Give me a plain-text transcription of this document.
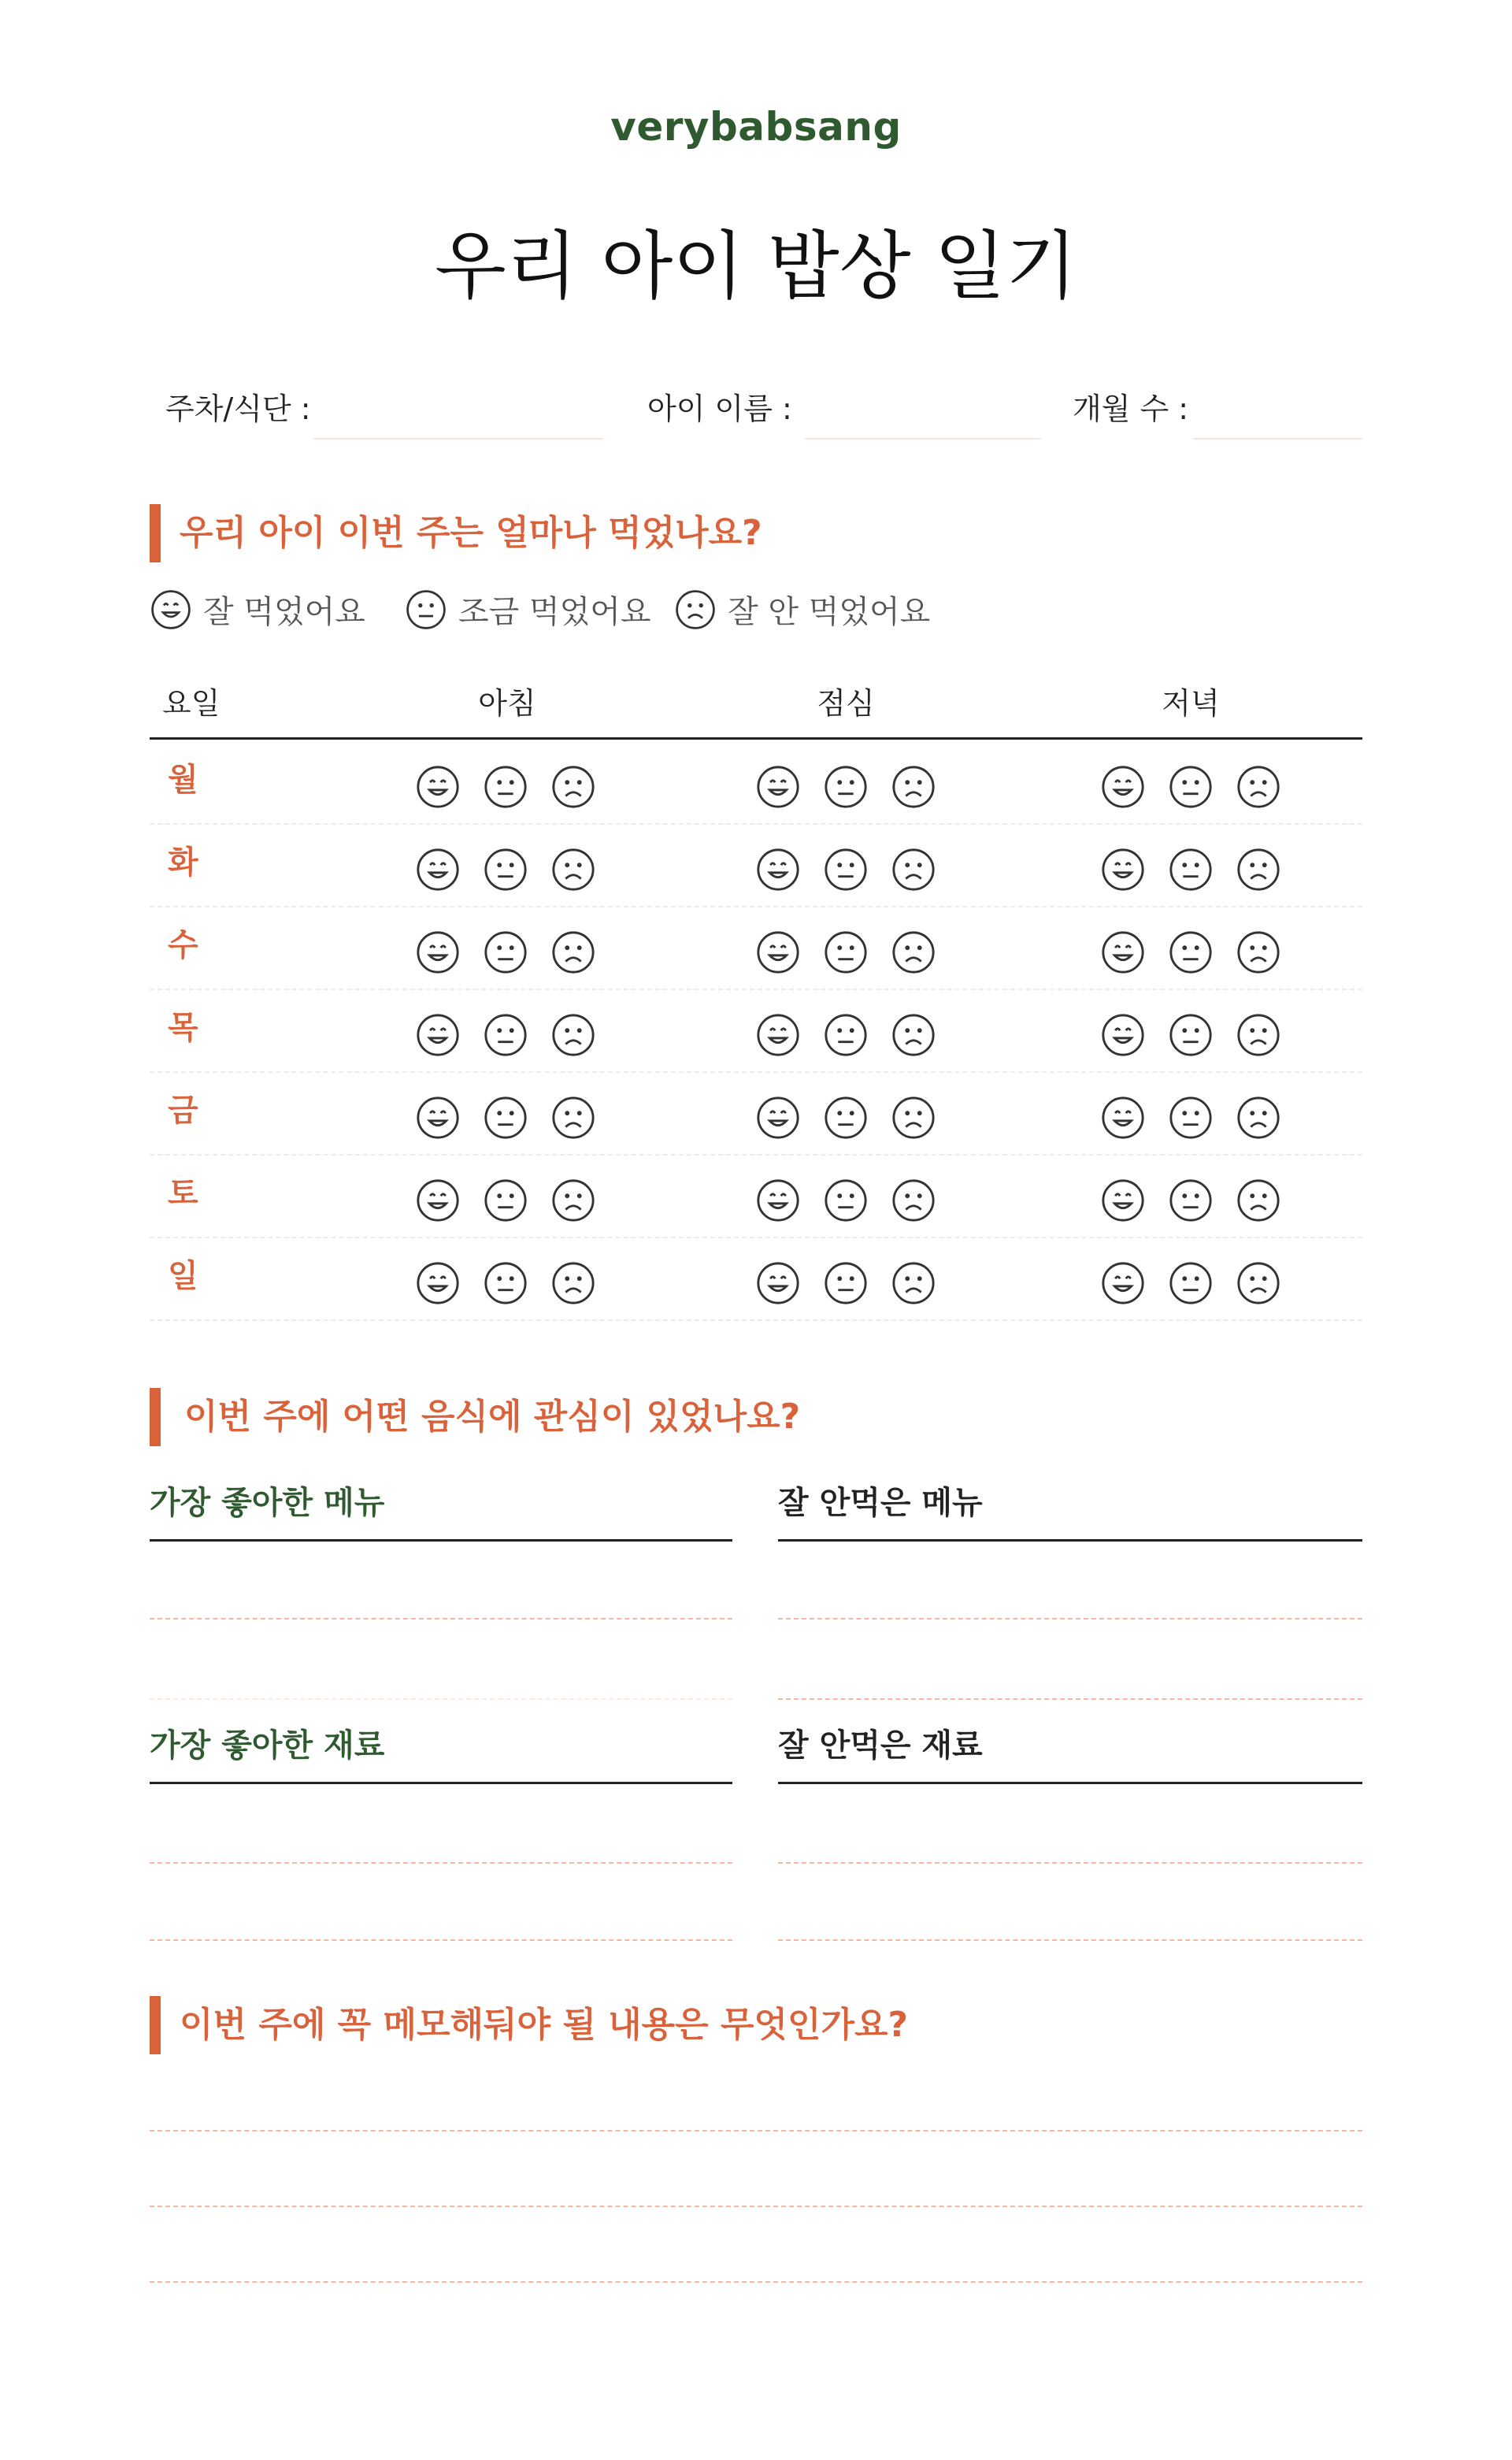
verybabsang
우리 아이 밥상 일기
주차/식단 :	아이 이름 :	개월 수 :
우리 아이 이번 주는 얼마나 먹었나요?
잘 먹었어요	조금 먹었어요 잘 안 먹었어요
요일	아침	점심	저녁
월
화
수
목
금
토
일
이번 주에 어떤 음식에 관심이 있었나요?
가장 좋아한 메뉴	잘 안먹은 메뉴
가장 좋아한 재료	잘 안먹은 재료
이번 주에 꼭 메모해둬야 될 내용은 무엇인가요?
